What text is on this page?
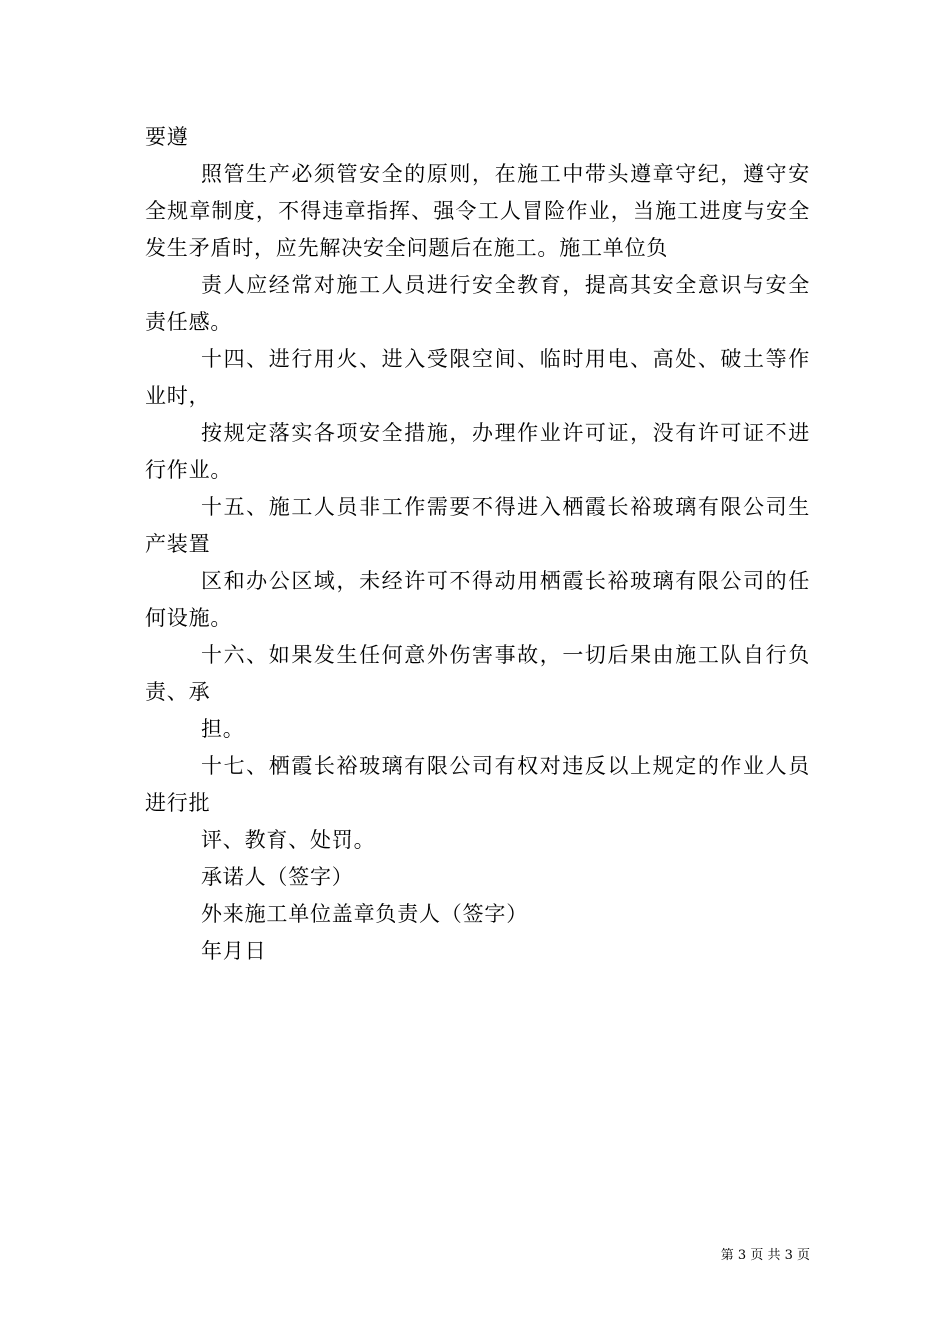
要遵

照管生产必须管安全的原则，在施工中带头遵章守纪，遵守安全规章制度，不得违章指挥、强令工人冒险作业，当施工进度与安全发生矛盾时，应先解决安全问题后在施工。施工单位负

责人应经常对施工人员进行安全教育，提高其安全意识与安全责任感。

十四、进行用火、进入受限空间、临时用电、高处、破土等作业时，

按规定落实各项安全措施，办理作业许可证，没有许可证不进行作业。

十五、施工人员非工作需要不得进入栖霞长裕玻璃有限公司生产装置

区和办公区域，未经许可不得动用栖霞长裕玻璃有限公司的任何设施。

十六、如果发生任何意外伤害事故，一切后果由施工队自行负责、承

担。

十七、栖霞长裕玻璃有限公司有权对违反以上规定的作业人员进行批

评、教育、处罚。

承诺人（签字）

外来施工单位盖章负责人（签字）

年月日

第 3 页 共 3 页
